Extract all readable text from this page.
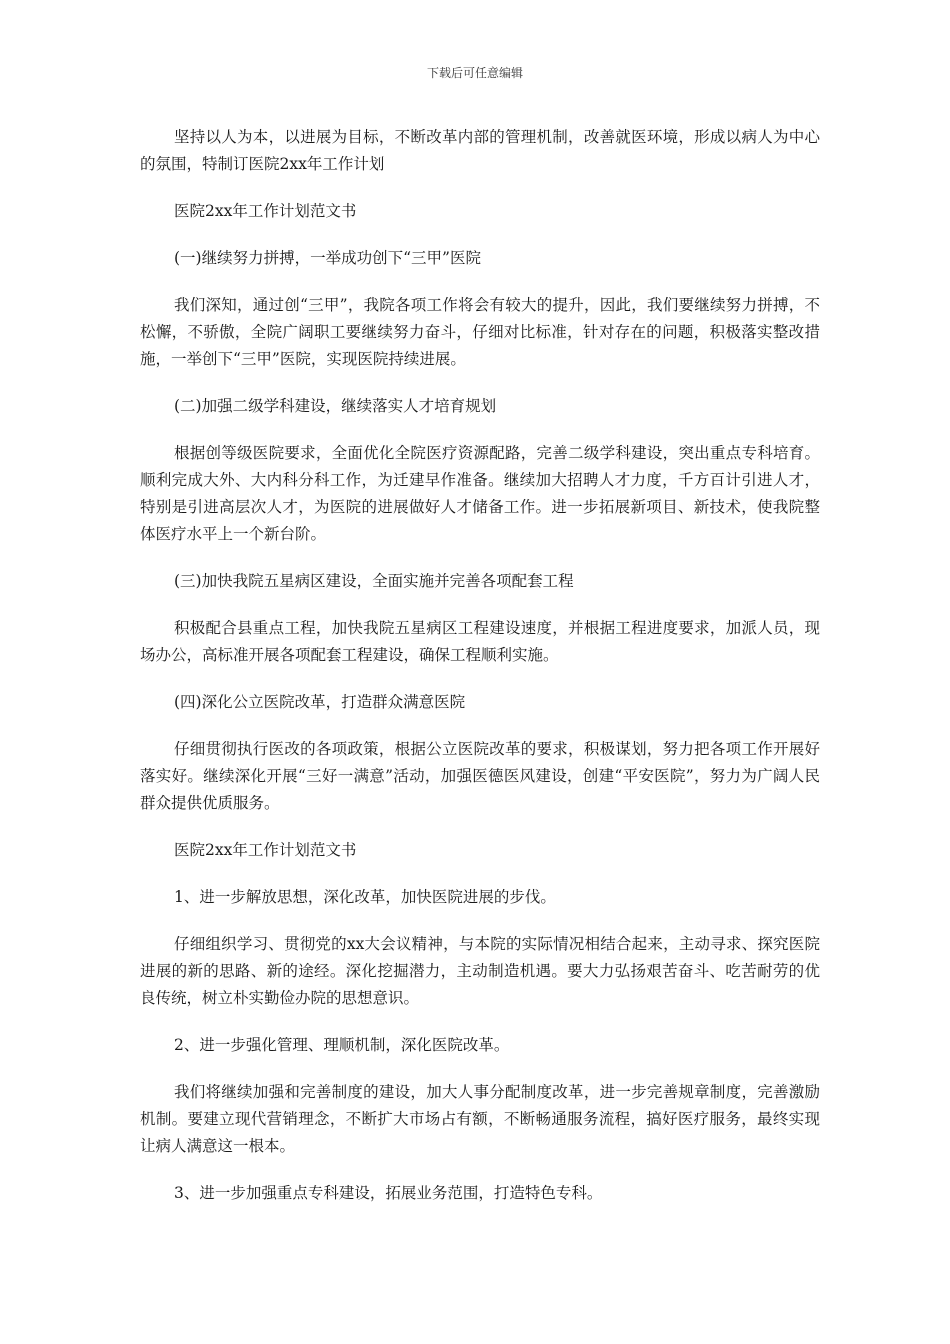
下载后可任意编辑

坚持以人为本，以进展为目标，不断改革内部的管理机制，改善就医环境，形成以病人为中心的氛围，特制订医院2xx年工作计划

医院2xx年工作计划范文书

(一)继续努力拼搏，一举成功创下“三甲”医院

我们深知，通过创“三甲”，我院各项工作将会有较大的提升，因此，我们要继续努力拼搏，不松懈，不骄傲，全院广阔职工要继续努力奋斗，仔细对比标准，针对存在的问题，积极落实整改措施，一举创下“三甲”医院，实现医院持续进展。

(二)加强二级学科建设，继续落实人才培育规划

根据创等级医院要求，全面优化全院医疗资源配路，完善二级学科建设，突出重点专科培育。顺利完成大外、大内科分科工作，为迁建早作准备。继续加大招聘人才力度，千方百计引进人才，特别是引进高层次人才，为医院的进展做好人才储备工作。进一步拓展新项目、新技术，使我院整体医疗水平上一个新台阶。

(三)加快我院五星病区建设，全面实施并完善各项配套工程

积极配合县重点工程，加快我院五星病区工程建设速度，并根据工程进度要求，加派人员，现场办公，高标准开展各项配套工程建设，确保工程顺利实施。

(四)深化公立医院改革，打造群众满意医院

仔细贯彻执行医改的各项政策，根据公立医院改革的要求，积极谋划，努力把各项工作开展好落实好。继续深化开展“三好一满意”活动，加强医德医风建设，创建“平安医院”，努力为广阔人民群众提供优质服务。

医院2xx年工作计划范文书

1、进一步解放思想，深化改革，加快医院进展的步伐。

仔细组织学习、贯彻党的xx大会议精神，与本院的实际情况相结合起来，主动寻求、探究医院进展的新的思路、新的途经。深化挖掘潜力，主动制造机遇。要大力弘扬艰苦奋斗、吃苦耐劳的优良传统，树立朴实勤俭办院的思想意识。

2、进一步强化管理、理顺机制，深化医院改革。

我们将继续加强和完善制度的建设，加大人事分配制度改革，进一步完善规章制度，完善激励机制。要建立现代营销理念，不断扩大市场占有额，不断畅通服务流程，搞好医疗服务，最终实现让病人满意这一根本。

3、进一步加强重点专科建设，拓展业务范围，打造特色专科。
